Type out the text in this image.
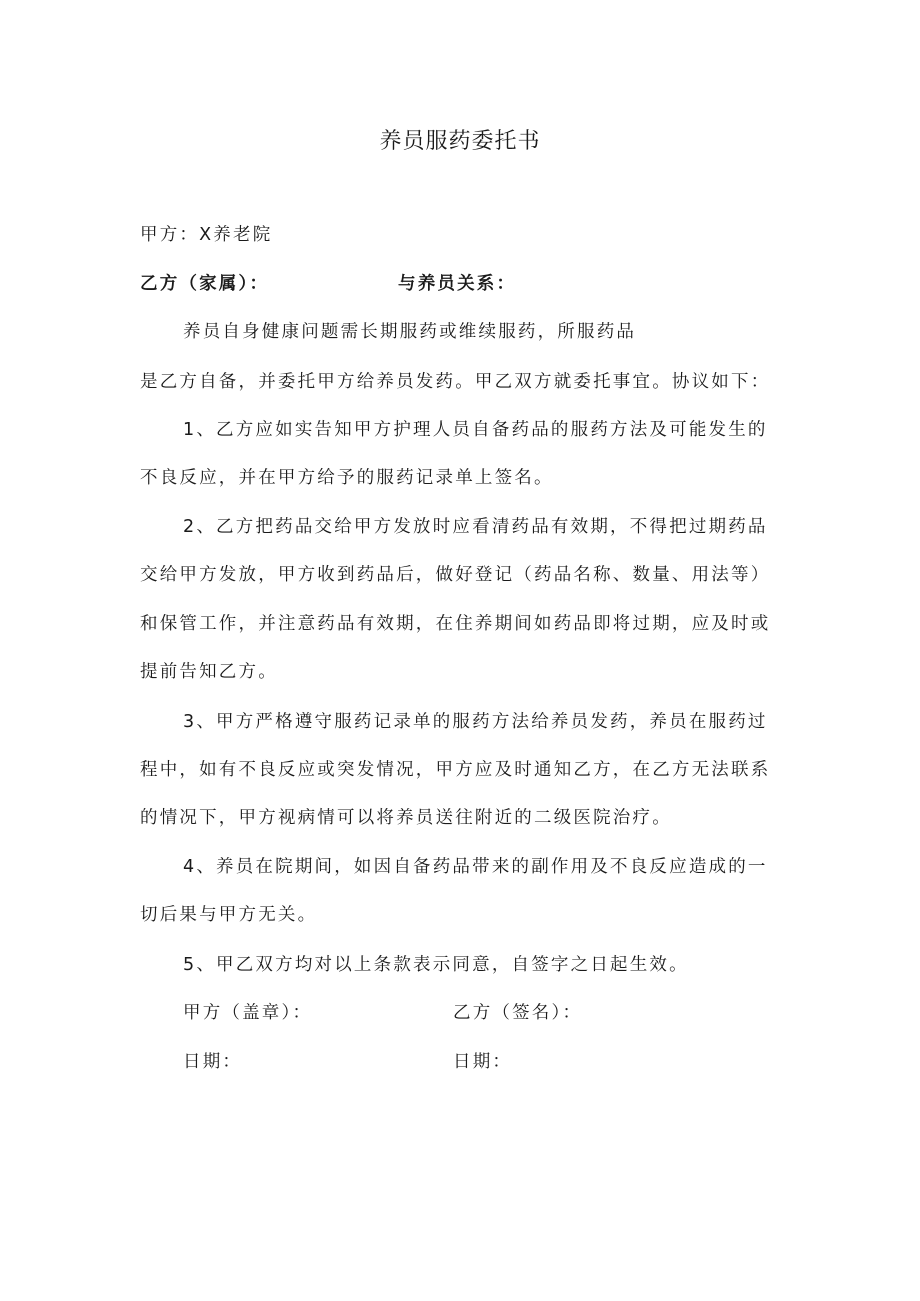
养员服药委托书
甲方：X养老院
乙方（家属）：	与养员关系：
养员自身健康问题需长期服药或维续服药，所服药品
是乙方自备，并委托甲方给养员发药。甲乙双方就委托事宜。协议如下：
1、乙方应如实告知甲方护理人员自备药品的服药方法及可能发生的
不良反应，并在甲方给予的服药记录单上签名。
2、乙方把药品交给甲方发放时应看清药品有效期，不得把过期药品
交给甲方发放，甲方收到药品后，做好登记（药品名称、数量、用法等）
和保管工作，并注意药品有效期，在住养期间如药品即将过期，应及时或
提前告知乙方。
3、甲方严格遵守服药记录单的服药方法给养员发药，养员在服药过
程中，如有不良反应或突发情况，甲方应及时通知乙方，在乙方无法联系
的情况下，甲方视病情可以将养员送往附近的二级医院治疗。
4、养员在院期间，如因自备药品带来的副作用及不良反应造成的一
切后果与甲方无关。
5、甲乙双方均对以上条款表示同意，自签字之日起生效。
甲方（盖章）：	乙方（签名）：
日期：	日期：
